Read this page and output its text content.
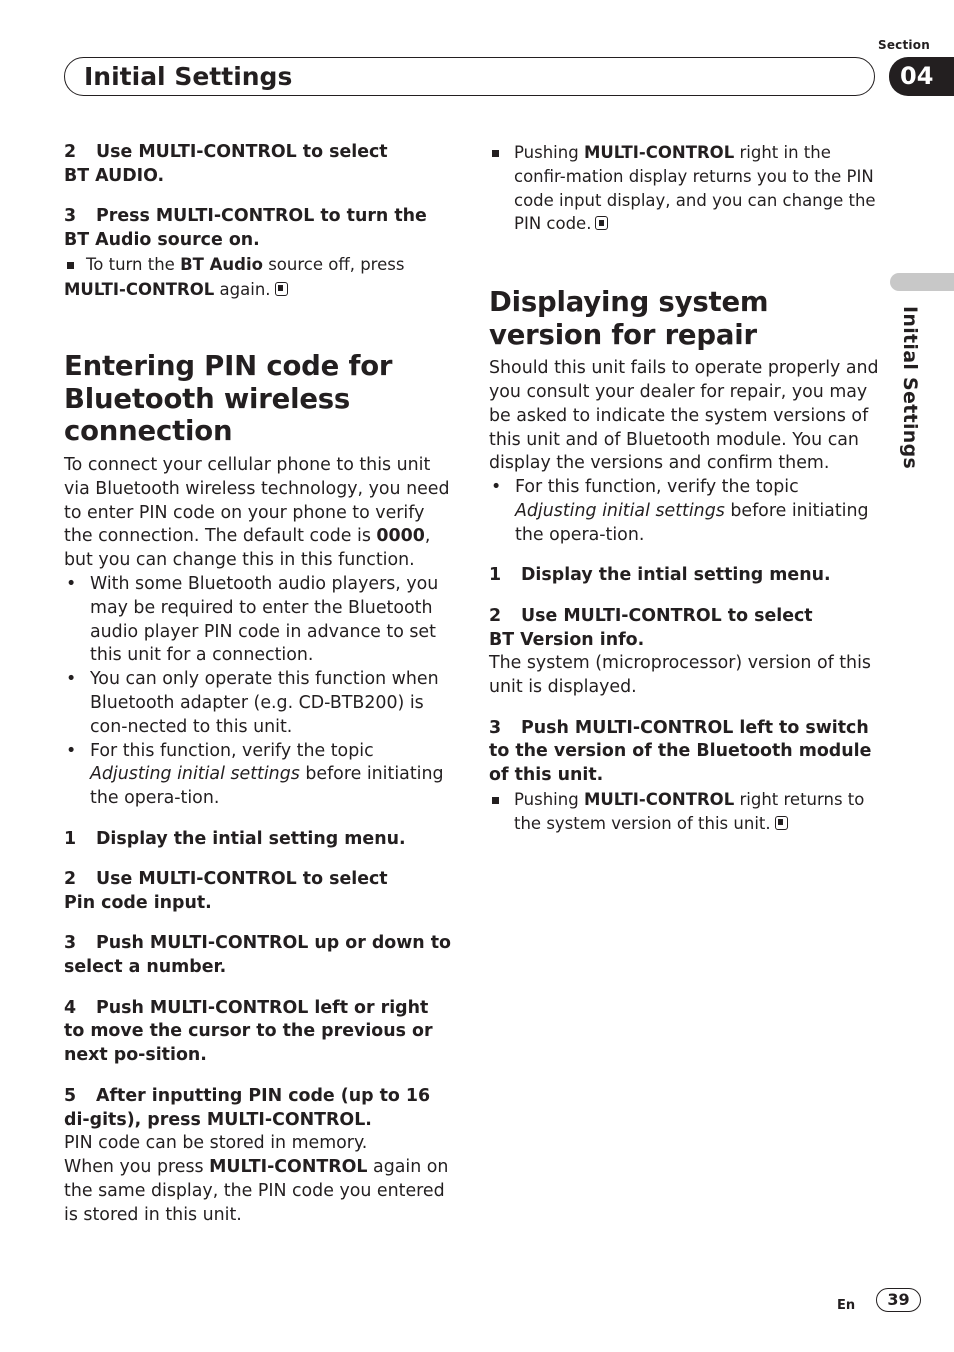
Section
04
Initial Settings
Initial Settings

2 Use MULTI-CONTROL to select
BT AUDIO.

3 Press MULTI-CONTROL to turn the
BT Audio source on.

To turn the BT Audio source off, press
MULTI-CONTROL again.

Entering PIN code for Bluetooth wireless connection

To connect your cellular phone to this unit via Bluetooth wireless technology, you need to enter PIN code on your phone to verify the connection. The default code is 0000, but you can change this in this function.

• With some Bluetooth audio players, you may be required to enter the Bluetooth audio player PIN code in advance to set this unit for a connection.
• You can only operate this function when Bluetooth adapter (e.g. CD-BTB200) is con-nected to this unit.
• For this function, verify the topic Adjusting initial settings before initiating the opera-tion.

1 Display the intial setting menu.

2 Use MULTI-CONTROL to select
Pin code input.

3 Push MULTI-CONTROL up or down to select a number.

4 Push MULTI-CONTROL left or right to move the cursor to the previous or next po-sition.

5 After inputting PIN code (up to 16 di-gits), press MULTI-CONTROL.

PIN code can be stored in memory.

When you press MULTI-CONTROL again on the same display, the PIN code you entered is stored in this unit.

Pushing MULTI-CONTROL right in the confir-mation display returns you to the PIN code input display, and you can change the PIN code.

Displaying system version for repair

Should this unit fails to operate properly and you consult your dealer for repair, you may be asked to indicate the system versions of this unit and of Bluetooth module. You can display the versions and confirm them.

• For this function, verify the topic Adjusting initial settings before initiating the opera-tion.

1 Display the intial setting menu.

2 Use MULTI-CONTROL to select
BT Version info.

The system (microprocessor) version of this unit is displayed.

3 Push MULTI-CONTROL left to switch to the version of the Bluetooth module of this unit.

Pushing MULTI-CONTROL right returns to the system version of this unit.

En	39
